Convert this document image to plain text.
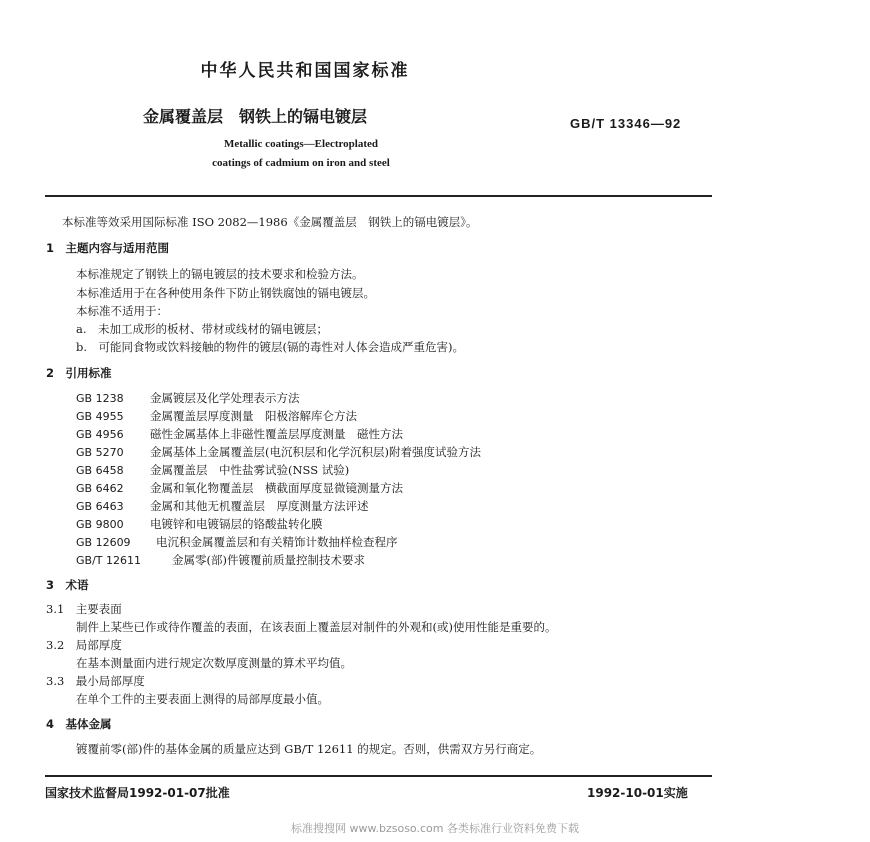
中华人民共和国国家标准
金属覆盖层　钢铁上的镉电镀层	GB/T 13346—92
Metallic coatings—Electroplated
coatings of cadmium on iron and steel
本标准等效采用国际标准 ISO 2082—1986《金属覆盖层　钢铁上的镉电镀层》。
1　主题内容与适用范围
本标准规定了钢铁上的镉电镀层的技术要求和检验方法。
本标准适用于在各种使用条件下防止钢铁腐蚀的镉电镀层。
本标准不适用于：
a.　未加工成形的板材、带材或线材的镉电镀层；
b.　可能同食物或饮料接触的物件的镀层(镉的毒性对人体会造成严重危害)。
2　引用标准
GB 1238 金属镀层及化学处理表示方法
GB 4955 金属覆盖层厚度测量　阳极溶解库仑方法
GB 4956 磁性金属基体上非磁性覆盖层厚度测量　磁性方法
GB 5270 金属基体上金属覆盖层(电沉积层和化学沉积层)附着强度试验方法
GB 6458 金属覆盖层　中性盐雾试验(NSS 试验)
GB 6462 金属和氧化物覆盖层　横截面厚度显微镜测量方法
GB 6463 金属和其他无机覆盖层　厚度测量方法评述
GB 9800 电镀锌和电镀镉层的铬酸盐转化膜
GB 12609 电沉积金属覆盖层和有关精饰计数抽样检查程序
GB/T 12611	金属零(部)件镀覆前质量控制技术要求
3　术语
3.1　主要表面
制件上某些已作或待作覆盖的表面，在该表面上覆盖层对制件的外观和(或)使用性能是重要的。
3.2　局部厚度
在基本测量面内进行规定次数厚度测量的算术平均值。
3.3　最小局部厚度
在单个工件的主要表面上测得的局部厚度最小值。
4　基体金属
镀覆前零(部)件的基体金属的质量应达到 GB/T 12611 的规定。否则，供需双方另行商定。
国家技术监督局1992-01-07批准	1992-10-01实施
标准搜搜网 www.bzsoso.com 各类标准行业资料免费下载
